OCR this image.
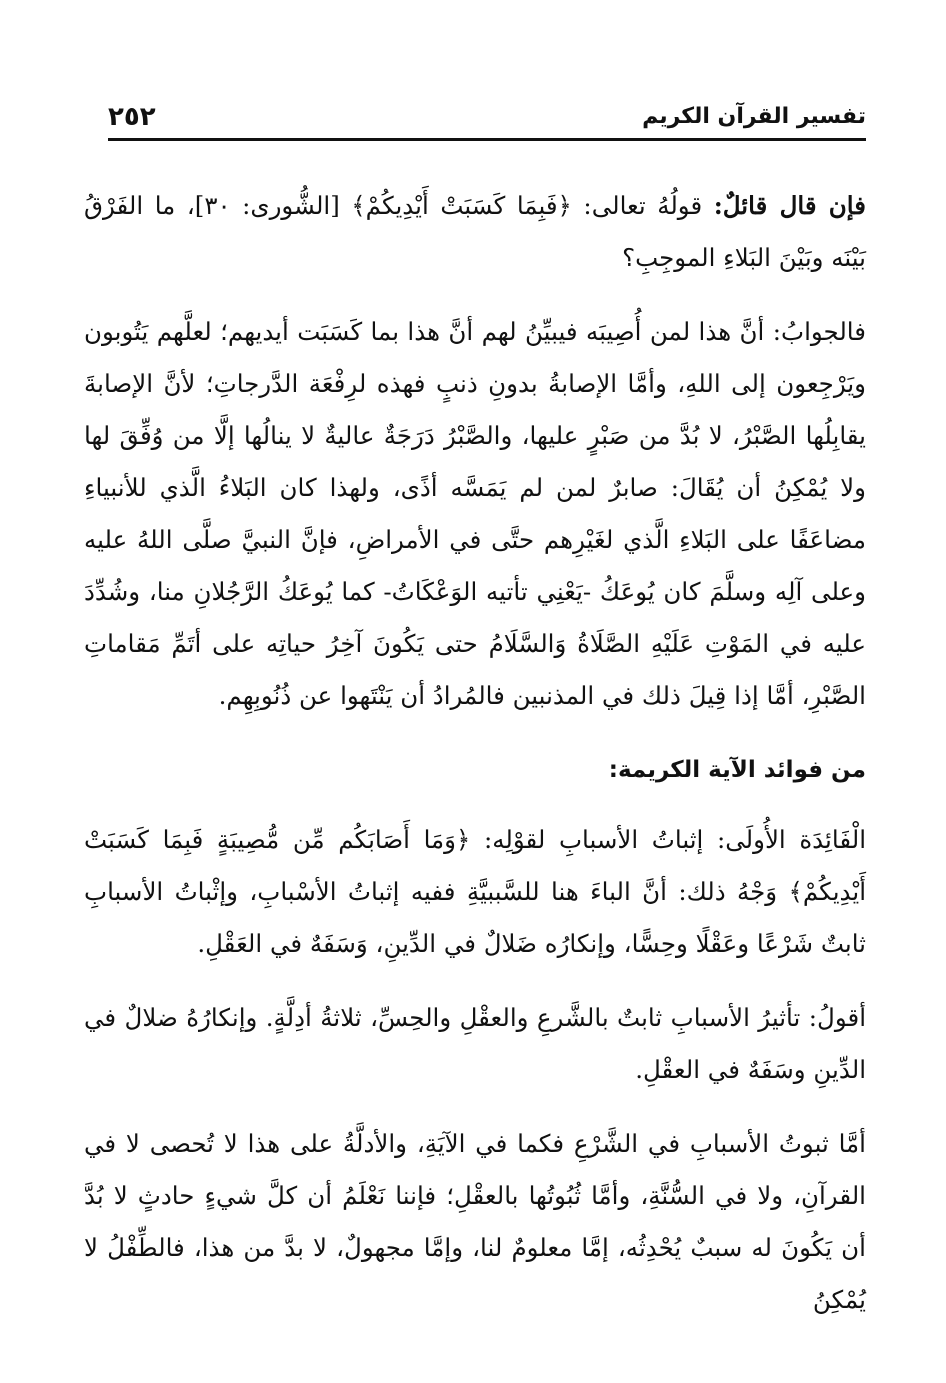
تفسير القرآن الكريم
٢٥٢

فإن قال قائلٌ: قولُهُ تعالى: ﴿فَبِمَا كَسَبَتْ أَيْدِيكُمْ﴾ [الشُّورى: ٣٠]، ما الفَرْقُ بَيْنَه وبَيْنَ البَلاءِ الموجِبِ؟

فالجوابُ: أنَّ هذا لمن أُصِيبَه فيبيِّنُ لهم أنَّ هذا بما كَسَبَت أيديهم؛ لعلَّهم يَتُوبون ويَرْجِعون إلى اللهِ، وأمَّا الإصابةُ بدونِ ذنبٍ فهذه لرِفْعَة الدَّرجاتِ؛ لأنَّ الإصابةَ يقابِلُها الصَّبْرُ، لا بُدَّ من صَبْرٍ عليها، والصَّبْرُ دَرَجَةٌ عاليةٌ لا ينالُها إلَّا من وُفِّقَ لها ولا يُمْكِنُ أن يُقَالَ: صابرٌ لمن لم يَمَسَّه أذًى، ولهذا كان البَلاءُ الَّذي للأنبياءِ مضاعَفًا على البَلاءِ الَّذي لغَيْرِهم حتَّى في الأمراضِ، فإنَّ النبيَّ صلَّى اللهُ عليه وعلى آلِه وسلَّمَ كان يُوعَكُ -يَعْنِي تأتيه الوَعْكَاتُ- كما يُوعَكُ الرَّجُلانِ منا، وشُدِّدَ عليه في المَوْتِ عَلَيْهِ الصَّلَاةُ وَالسَّلَامُ حتى يَكُونَ آخِرُ حياتِه على أتَمِّ مَقاماتِ الصَّبْرِ، أمَّا إذا قِيلَ ذلك في المذنبين فالمُرادُ أن يَنْتَهوا عن ذُنُوبِهِم.

من فوائد الآية الكريمة:

الْفَائِدَة الأُولَى: إثباتُ الأسبابِ لقوْلِه: ﴿وَمَا أَصَابَكُم مِّن مُّصِيبَةٍ فَبِمَا كَسَبَتْ أَيْدِيكُمْ﴾ وَجْهُ ذلك: أنَّ الباءَ هنا للسَّببيَّةِ ففيه إثباتُ الأسْبابِ، وإثْباتُ الأسبابِ ثابتٌ شَرْعًا وعَقْلًا وحِسًّا، وإنكارُه ضَلالٌ في الدِّينِ، وَسَفَهٌ في العَقْلِ.

أقولُ: تأثيرُ الأسبابِ ثابتٌ بالشَّرعِ والعقْلِ والحِسِّ، ثلاثةُ أدِلَّةٍ. وإنكارُهُ ضلالٌ في الدِّينِ وسَفَهٌ في العقْلِ.

أمَّا ثبوتُ الأسبابِ في الشَّرْعِ فكما في الآيَةِ، والأدلَّةُ على هذا لا تُحصى لا في القرآنِ، ولا في السُّنَّةِ، وأمَّا ثُبُوتُها بالعقْلِ؛ فإننا نَعْلَمُ أن كلَّ شيءٍ حادثٍ لا بُدَّ أن يَكُونَ له سببٌ يُحْدِثُه، إمَّا معلومٌ لنا، وإمَّا مجهولٌ، لا بدَّ من هذا، فالطِّفْلُ لا يُمْكِنُ
